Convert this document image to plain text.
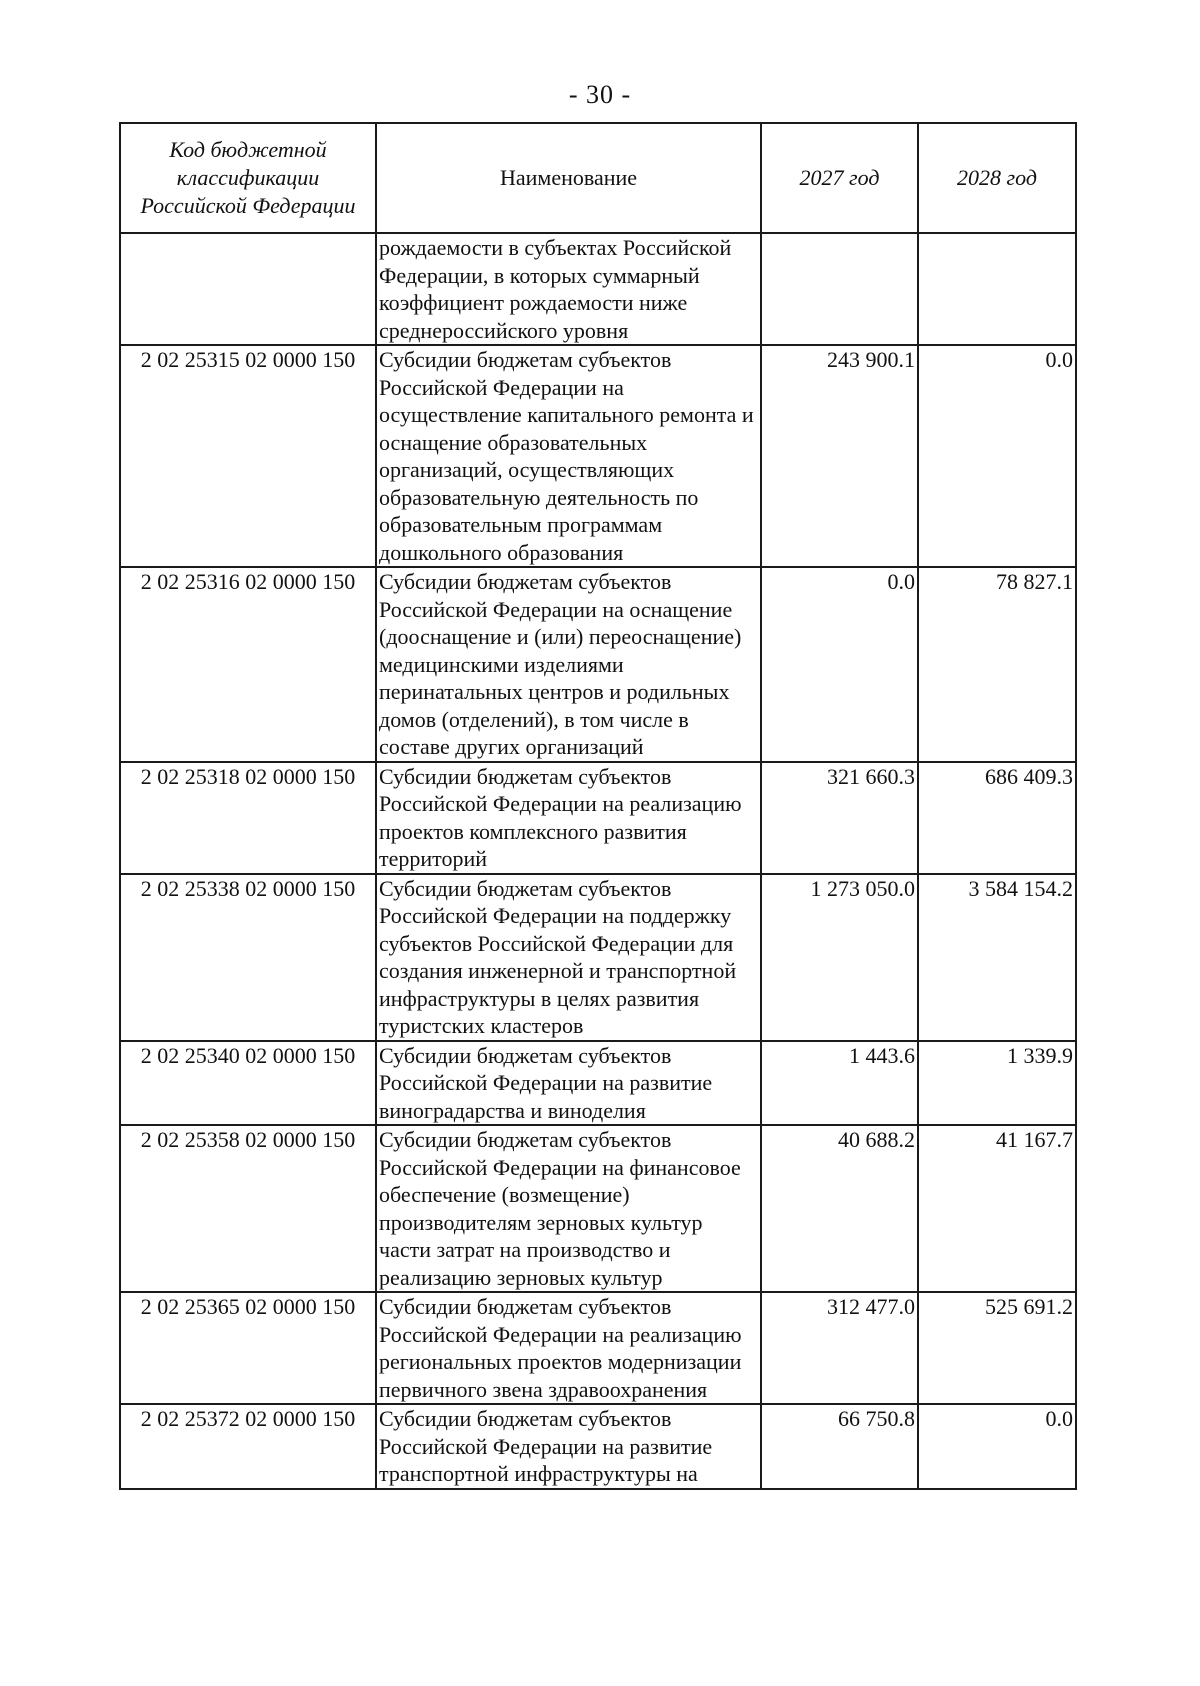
- 30 -
Код бюджетной классификации Российской Федерации	Наименование	2027 год	2028 год
	рождаемости в субъектах Российской Федерации, в которых суммарный коэффициент рождаемости ниже среднероссийского уровня		
2 02 25315 02 0000 150	Субсидии бюджетам субъектов Российской Федерации на осуществление капитального ремонта и оснащение образовательных организаций, осуществляющих образовательную деятельность по образовательным программам дошкольного образования	243 900.1	0.0
2 02 25316 02 0000 150	Субсидии бюджетам субъектов Российской Федерации на оснащение (дооснащение и (или) переоснащение) медицинскими изделиями перинатальных центров и родильных домов (отделений), в том числе в составе других организаций	0.0	78 827.1
2 02 25318 02 0000 150	Субсидии бюджетам субъектов Российской Федерации на реализацию проектов комплексного развития территорий	321 660.3	686 409.3
2 02 25338 02 0000 150	Субсидии бюджетам субъектов Российской Федерации на поддержку субъектов Российской Федерации для создания инженерной и транспортной инфраструктуры в целях развития туристских кластеров	1 273 050.0	3 584 154.2
2 02 25340 02 0000 150	Субсидии бюджетам субъектов Российской Федерации на развитие виноградарства и виноделия	1 443.6	1 339.9
2 02 25358 02 0000 150	Субсидии бюджетам субъектов Российской Федерации на финансовое обеспечение (возмещение) производителям зерновых культур части затрат на производство и реализацию зерновых культур	40 688.2	41 167.7
2 02 25365 02 0000 150	Субсидии бюджетам субъектов Российской Федерации на реализацию региональных проектов модернизации первичного звена здравоохранения	312 477.0	525 691.2
2 02 25372 02 0000 150	Субсидии бюджетам субъектов Российской Федерации на развитие транспортной инфраструктуры на	66 750.8	0.0
